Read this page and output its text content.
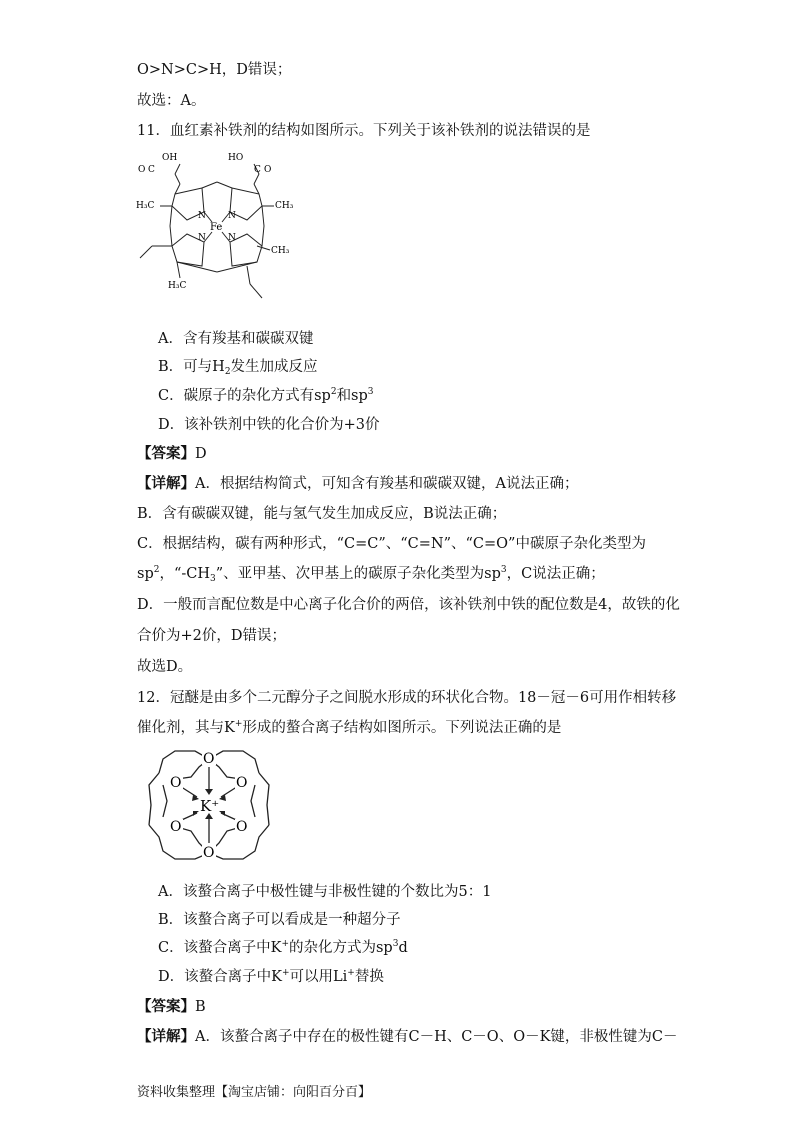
O>N>C>H，D错误；
故选：A。
11．血红素补铁剂的结构如图所示。下列关于该补铁剂的说法错误的是
O C
OH	HO
C O
H₃C	CH₃
CH₃
H₃C
N N
N N
Fe
A．含有羧基和碳碳双键
B．可与$H_2$发生加成反应
C．碳原子的杂化方式有$sp^2$和$sp^3$
D．该补铁剂中铁的化合价为+3价
【答案】D
【详解】A．根据结构简式，可知含有羧基和碳碳双键，A说法正确；
B．含有碳碳双键，能与氢气发生加成反应，B说法正确；
C．根据结构，碳有两种形式，“C=C”、“C=N”、“C=O”中碳原子杂化类型为
$sp^2$，“$-CH_3$”、亚甲基、次甲基上的碳原子杂化类型为$sp^3$，C说法正确；
D．一般而言配位数是中心离子化合价的两倍，该补铁剂中铁的配位数是4，故铁的化
合价为+2价，D错误；
故选D。
12．冠醚是由多个二元醇分子之间脱水形成的环状化合物。18－冠－6可用作相转移
催化剂，其与K+形成的螯合离子结构如图所示。下列说法正确的是
O
O	O
O	O
O
K⁺
A．该螯合离子中极性键与非极性键的个数比为5：1
B．该螯合离子可以看成是一种超分子
C．该螯合离子中K+的杂化方式为$sp^3d$
D．该螯合离子中K+可以用Li+替换
【答案】B
【详解】A．该螯合离子中存在的极性键有C－H、C－O、O－K键，非极性键为C－
资料收集整理【淘宝店铺：向阳百分百】
